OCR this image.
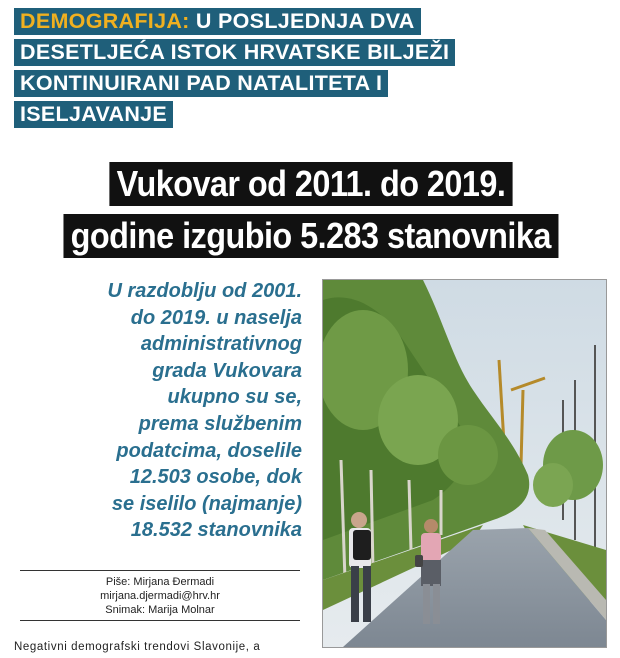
DEMOGRAFIJA: U POSLJEDNJA DVA
DESETLJEĆA ISTOK HRVATSKE BILJEŽI
KONTINUIRANI PAD NATALITETA I
ISELJAVANJE
Vukovar od 2011. do 2019.
godine izgubio 5.283 stanovnika
U razdoblju od 2001.
do 2019. u naselja
administrativnog
grada Vukovara
ukupno su se,
prema službenim
podatcima, doselile
12.503 osobe, dok
se iselilo (najmanje)
18.532 stanovnika
Piše: Mirjana Đermadi
mirjana.djermadi@hrv.hr
Snimak: Marija Molnar
Negativni demografski trendovi Slavonije, a
